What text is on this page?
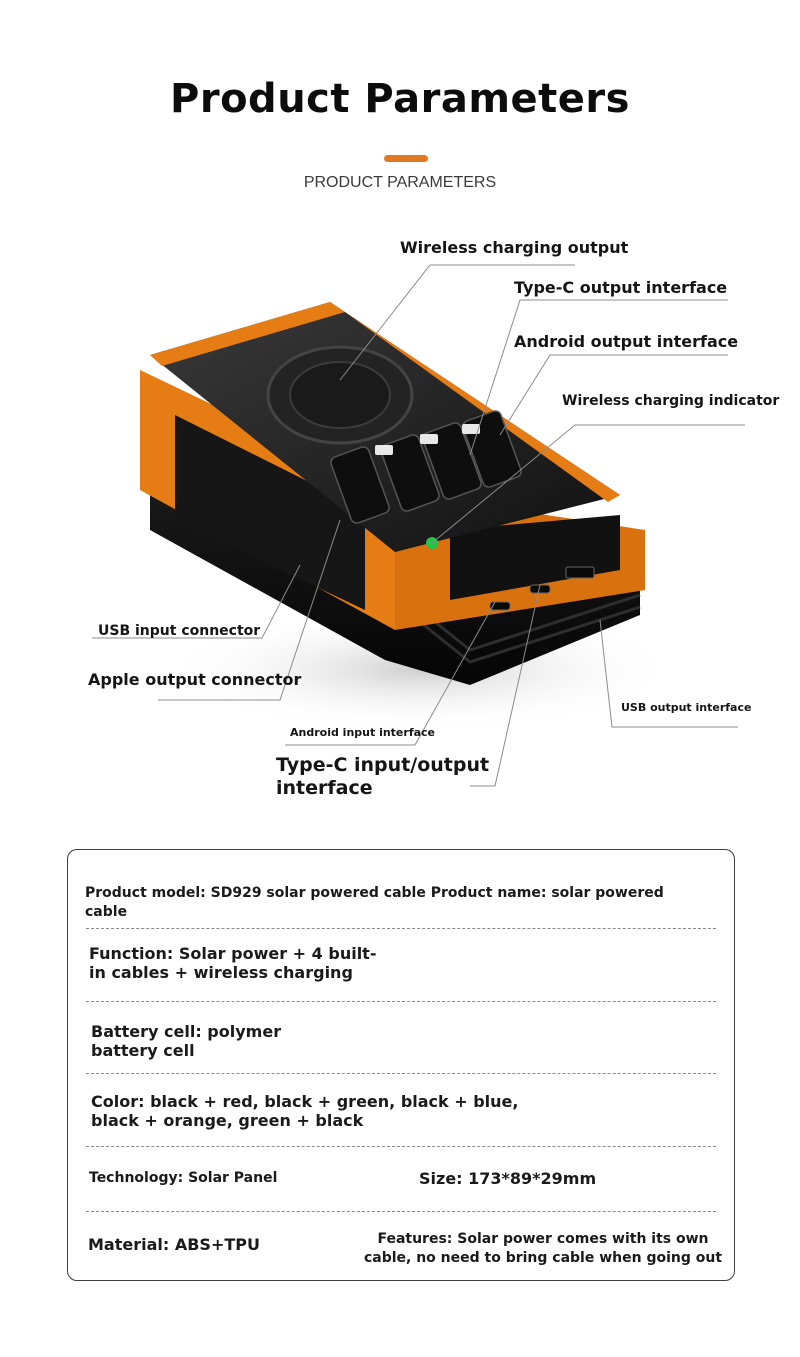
Product Parameters
PRODUCT PARAMETERS
Wireless charging output
Type-C output interface
Android output interface
Wireless charging indicator
USB input connector
Apple output connector
Android input interface
Type-C input/output interface
USB output interface
Product model: SD929 solar powered cable Product name: solar powered cable
Function: Solar power + 4 built-in cables + wireless charging
Battery cell: polymer battery cell
Color: black + red, black + green, black + blue, black + orange, green + black
Technology: Solar Panel	Size: 173*89*29mm
Material: ABS+TPU	Features: Solar power comes with its own cable, no need to bring cable when going out
